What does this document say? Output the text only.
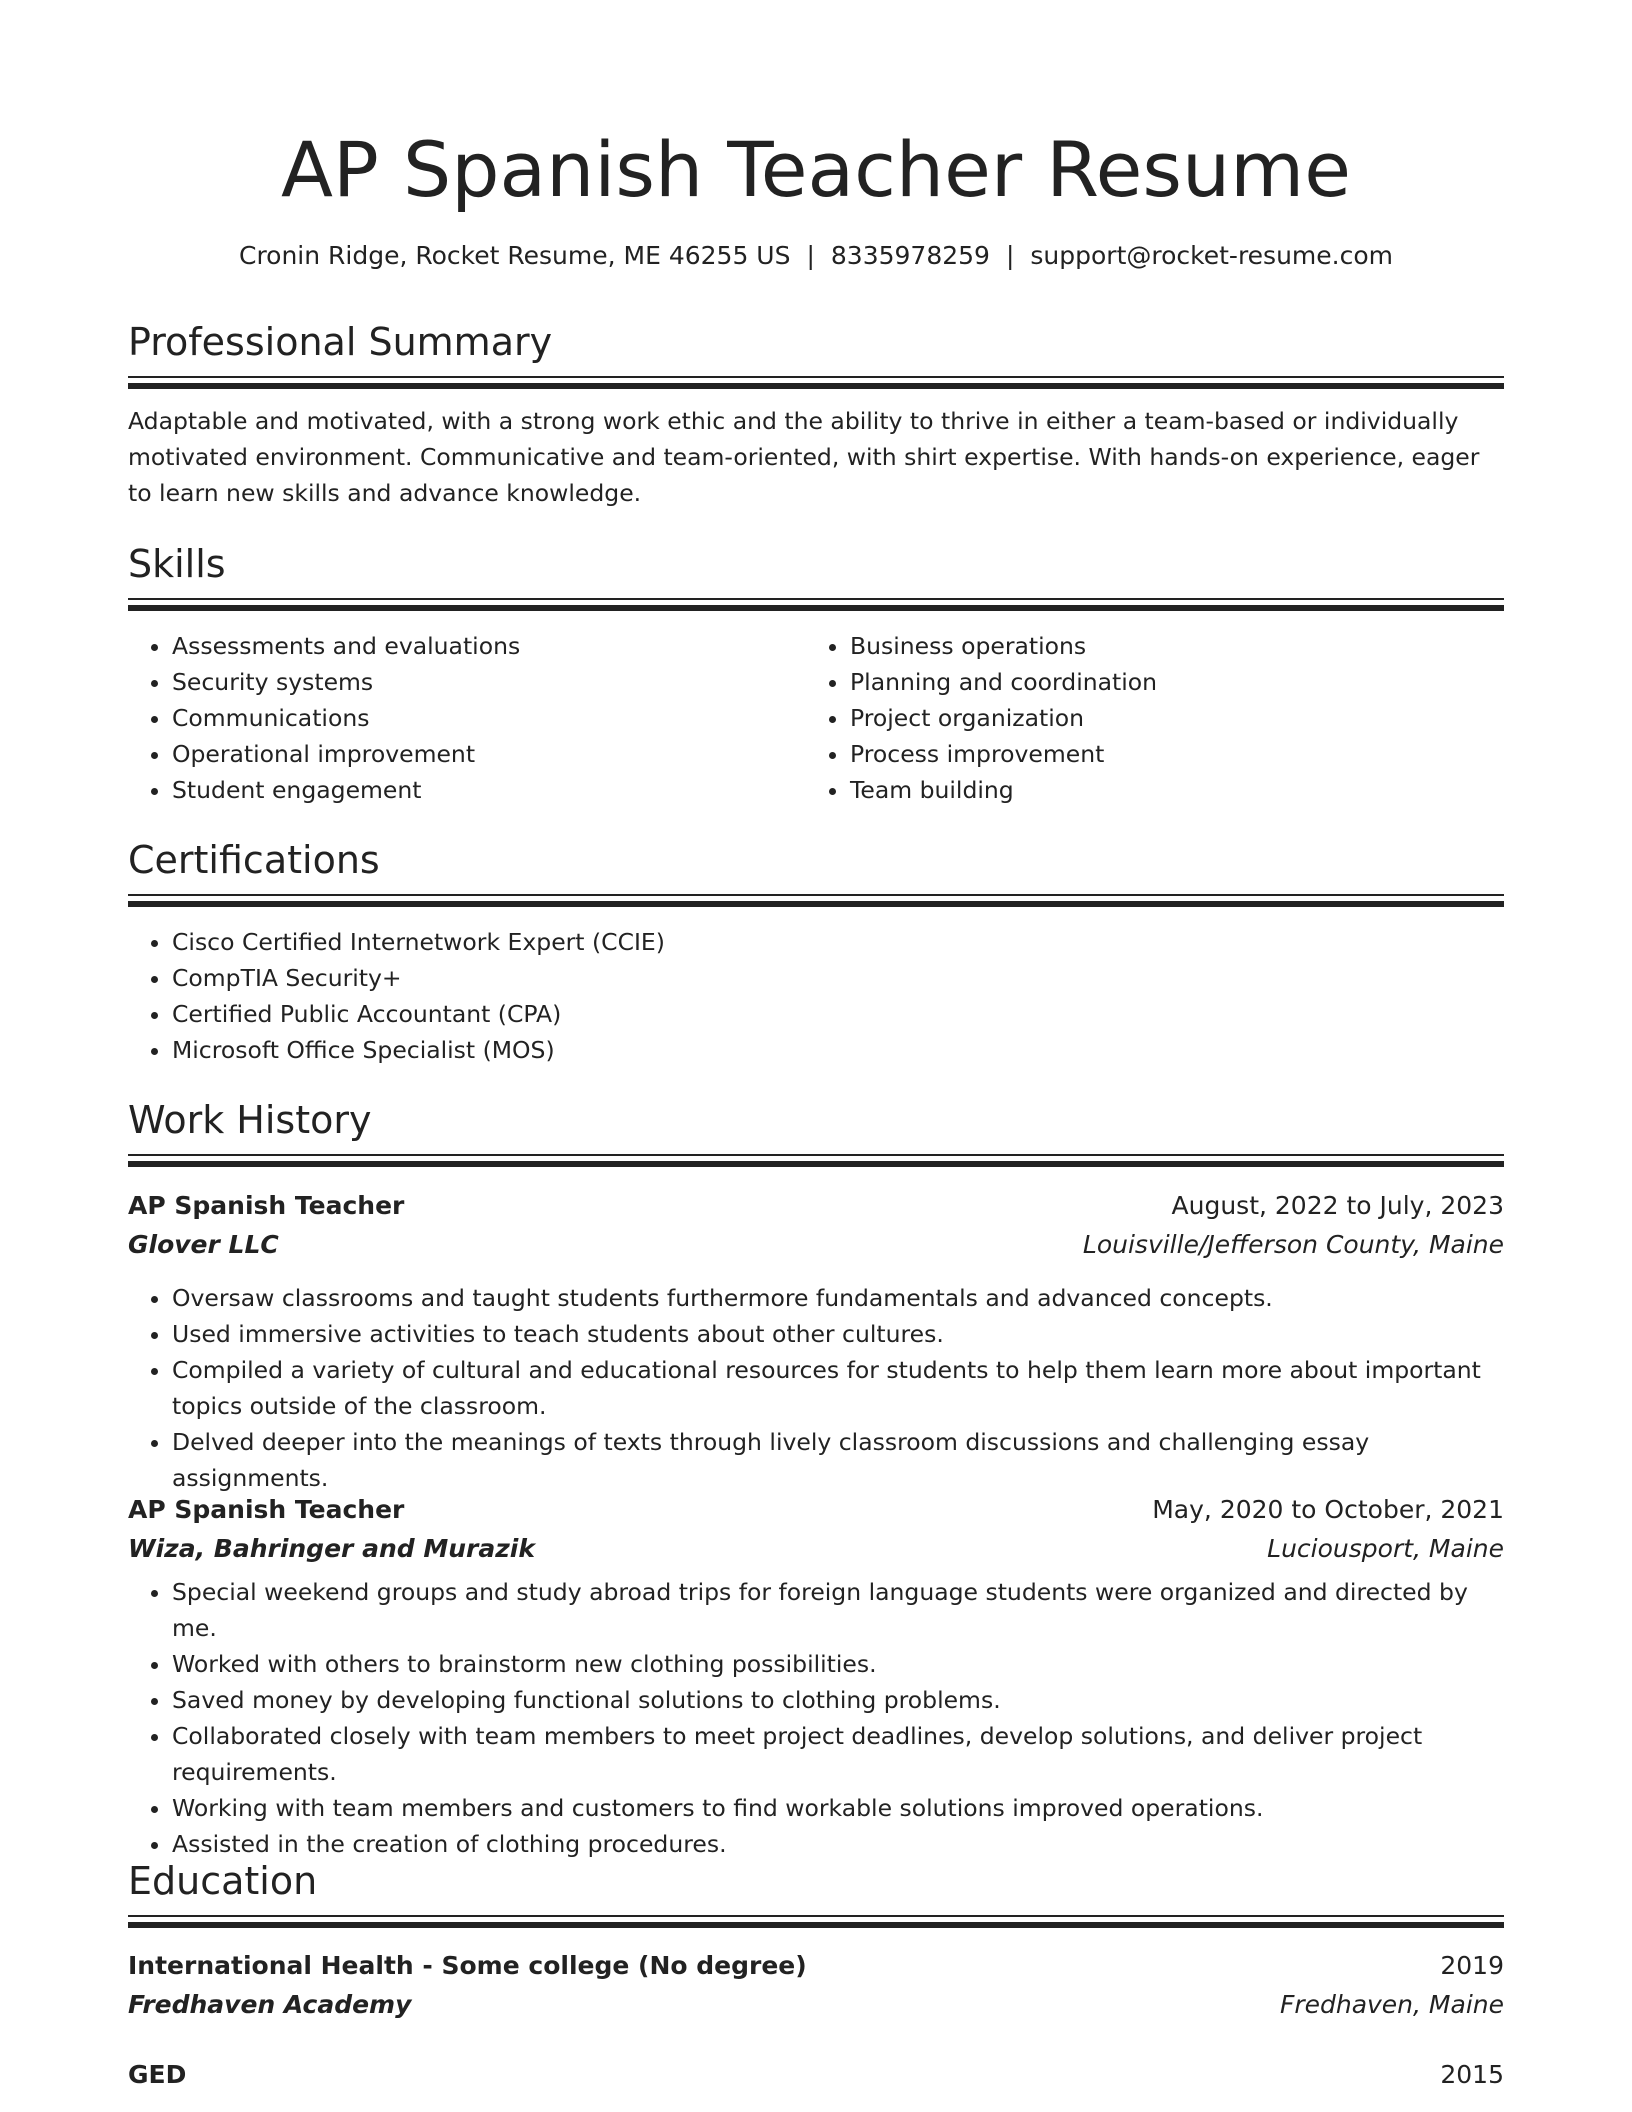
AP Spanish Teacher Resume
Cronin Ridge, Rocket Resume, ME 46255 US | 8335978259 | support@rocket-resume.com
Professional Summary
Adaptable and motivated, with a strong work ethic and the ability to thrive in either a team-based or individually motivated environment. Communicative and team-oriented, with shirt expertise. With hands-on experience, eager to learn new skills and advance knowledge.
Skills
• Assessments and evaluations
• Security systems
• Communications
• Operational improvement
• Student engagement
• Business operations
• Planning and coordination
• Project organization
• Process improvement
• Team building
Certifications
• Cisco Certified Internetwork Expert (CCIE)
• CompTIA Security+
• Certified Public Accountant (CPA)
• Microsoft Office Specialist (MOS)
Work History
AP Spanish Teacher	August, 2022 to July, 2023
Glover LLC	Louisville/Jefferson County, Maine
• Oversaw classrooms and taught students furthermore fundamentals and advanced concepts.
• Used immersive activities to teach students about other cultures.
• Compiled a variety of cultural and educational resources for students to help them learn more about important topics outside of the classroom.
• Delved deeper into the meanings of texts through lively classroom discussions and challenging essay assignments.
AP Spanish Teacher	May, 2020 to October, 2021
Wiza, Bahringer and Murazik	Luciousport, Maine
• Special weekend groups and study abroad trips for foreign language students were organized and directed by me.
• Worked with others to brainstorm new clothing possibilities.
• Saved money by developing functional solutions to clothing problems.
• Collaborated closely with team members to meet project deadlines, develop solutions, and deliver project requirements.
• Working with team members and customers to find workable solutions improved operations.
• Assisted in the creation of clothing procedures.
Education
International Health - Some college (No degree)	2019
Fredhaven Academy	Fredhaven, Maine
GED	2015
